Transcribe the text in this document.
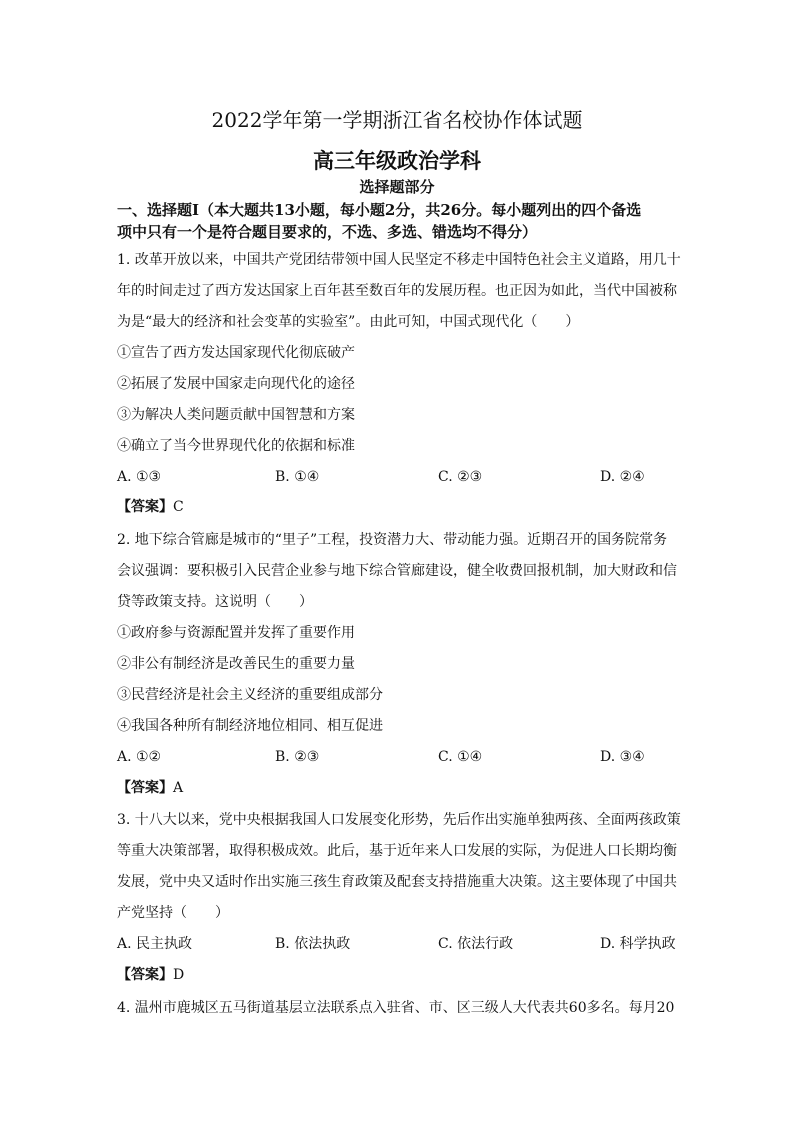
2022学年第一学期浙江省名校协作体试题
高三年级政治学科
选择题部分
一、选择题Ⅰ（本大题共13小题，每小题2分，共26分。每小题列出的四个备选
项中只有一个是符合题目要求的，不选、多选、错选均不得分）
1. 改革开放以来，中国共产党团结带领中国人民坚定不移走中国特色社会主义道路，用几十
年的时间走过了西方发达国家上百年甚至数百年的发展历程。也正因为如此，当代中国被称
为是“最大的经济和社会变革的实验室”。由此可知，中国式现代化（　　）
①宣告了西方发达国家现代化彻底破产
②拓展了发展中国家走向现代化的途径
③为解决人类问题贡献中国智慧和方案
④确立了当今世界现代化的依据和标准
A. ①③	B. ①④	C. ②③	D. ②④
【答案】C
2. 地下综合管廊是城市的“里子”工程，投资潜力大、带动能力强。近期召开的国务院常务
会议强调：要积极引入民营企业参与地下综合管廊建设，健全收费回报机制，加大财政和信
贷等政策支持。这说明（　　）
①政府参与资源配置并发挥了重要作用
②非公有制经济是改善民生的重要力量
③民营经济是社会主义经济的重要组成部分
④我国各种所有制经济地位相同、相互促进
A. ①②	B. ②③	C. ①④	D. ③④
【答案】A
3. 十八大以来，党中央根据我国人口发展变化形势，先后作出实施单独两孩、全面两孩政策
等重大决策部署，取得积极成效。此后，基于近年来人口发展的实际，为促进人口长期均衡
发展，党中央又适时作出实施三孩生育政策及配套支持措施重大决策。这主要体现了中国共
产党坚持（　　）
A. 民主执政	B. 依法执政	C. 依法行政	D. 科学执政
【答案】D
4. 温州市鹿城区五马街道基层立法联系点入驻省、市、区三级人大代表共60多名。每月20
